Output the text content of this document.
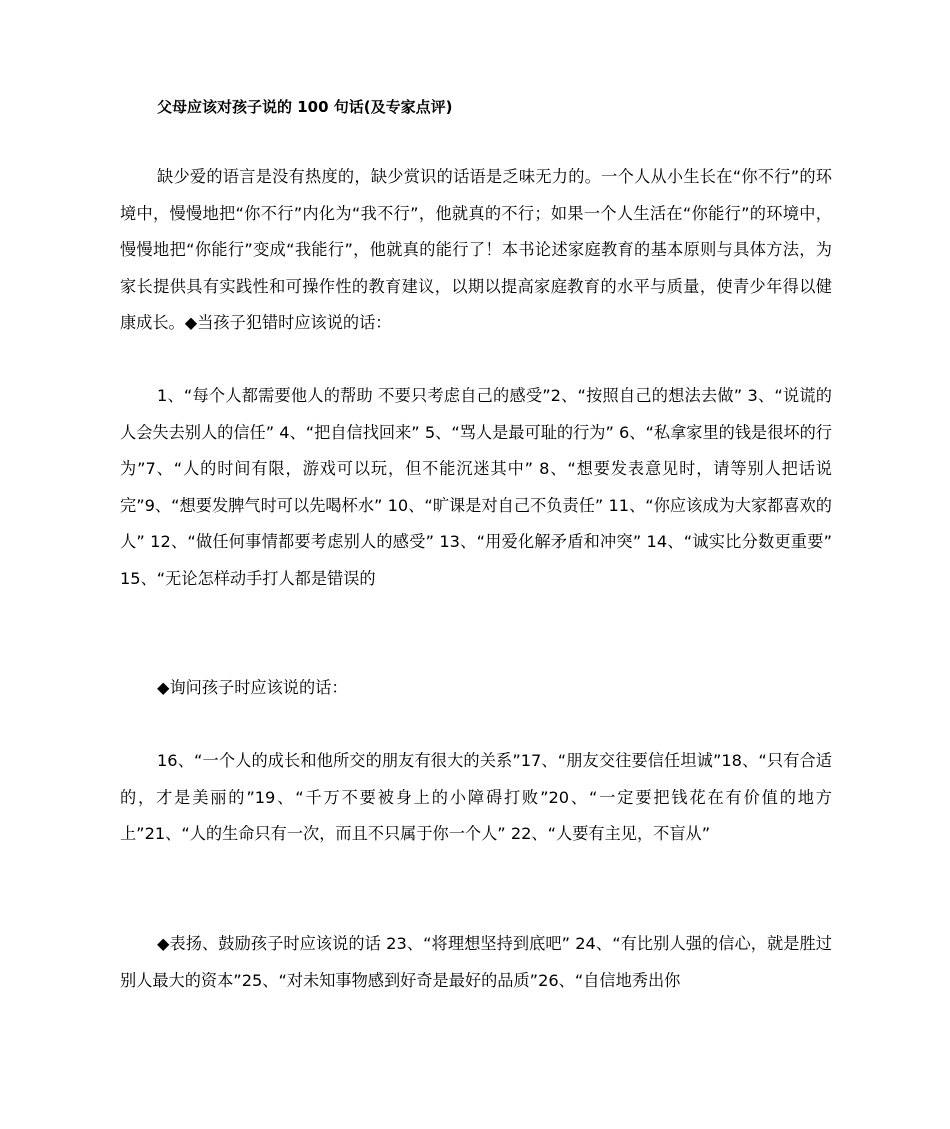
父母应该对孩子说的 100 句话(及专家点评)

缺少爱的语言是没有热度的，缺少赏识的话语是乏味无力的。一个人从小生长在“你不行”的环境中，慢慢地把“你不行”内化为“我不行”，他就真的不行；如果一个人生活在“你能行”的环境中，慢慢地把“你能行”变成“我能行”，他就真的能行了！本书论述家庭教育的基本原则与具体方法，为家长提供具有实践性和可操作性的教育建议，以期以提高家庭教育的水平与质量，使青少年得以健康成长。◆当孩子犯错时应该说的话：

1、“每个人都需要他人的帮助 不要只考虑自己的感受”2、“按照自己的想法去做” 3、“说谎的人会失去别人的信任” 4、“把自信找回来” 5、“骂人是最可耻的行为” 6、“私拿家里的钱是很坏的行为”7、“人的时间有限，游戏可以玩，但不能沉迷其中” 8、“想要发表意见时，请等别人把话说完”9、“想要发脾气时可以先喝杯水” 10、“旷课是对自己不负责任” 11、“你应该成为大家都喜欢的人” 12、“做任何事情都要考虑别人的感受” 13、“用爱化解矛盾和冲突” 14、“诚实比分数更重要” 15、“无论怎样动手打人都是错误的

◆询问孩子时应该说的话：

16、“一个人的成长和他所交的朋友有很大的关系”17、“朋友交往要信任坦诚”18、“只有合适的，才是美丽的”19、“千万不要被身上的小障碍打败”20、“一定要把钱花在有价值的地方上”21、“人的生命只有一次，而且不只属于你一个人” 22、“人要有主见，不盲从”

◆表扬、鼓励孩子时应该说的话 23、“将理想坚持到底吧” 24、“有比别人强的信心，就是胜过别人最大的资本”25、“对未知事物感到好奇是最好的品质”26、“自信地秀出你
